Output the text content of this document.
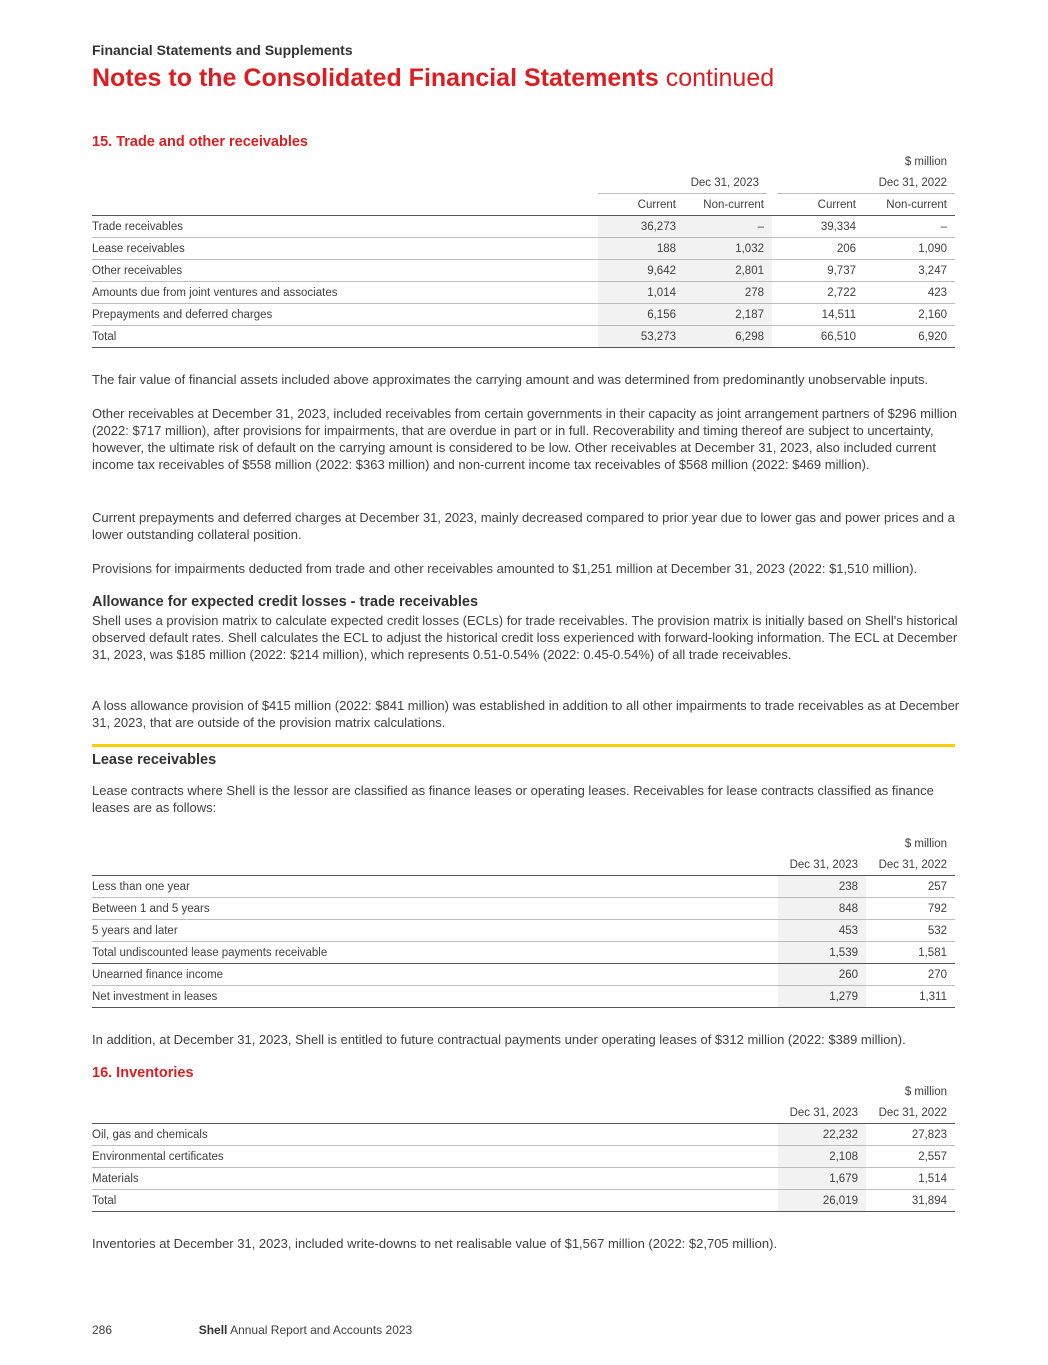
Financial Statements and Supplements
Notes to the Consolidated Financial Statements continued
15. Trade and other receivables
$ million				
	Dec 31, 2023		Dec 31, 2022	
	Current	Non-current	Current	Non-current
Trade receivables	36,273	–	39,334	–
Lease receivables	188	1,032	206	1,090
Other receivables	9,642	2,801	9,737	3,247
Amounts due from joint ventures and associates	1,014	278	2,722	423
Prepayments and deferred charges	6,156	2,187	14,511	2,160
Total	53,273	6,298	66,510	6,920
The fair value of financial assets included above approximates the carrying amount and was determined from predominantly unobservable inputs.
Other receivables at December 31, 2023, included receivables from certain governments in their capacity as joint arrangement partners of $296 million (2022: $717 million), after provisions for impairments, that are overdue in part or in full. Recoverability and timing thereof are subject to uncertainty, however, the ultimate risk of default on the carrying amount is considered to be low. Other receivables at December 31, 2023, also included current income tax receivables of $558 million (2022: $363 million) and non-current income tax receivables of $568 million (2022: $469 million).
Current prepayments and deferred charges at December 31, 2023, mainly decreased compared to prior year due to lower gas and power prices and a lower outstanding collateral position.
Provisions for impairments deducted from trade and other receivables amounted to $1,251 million at December 31, 2023 (2022: $1,510 million).
Allowance for expected credit losses - trade receivables
Shell uses a provision matrix to calculate expected credit losses (ECLs) for trade receivables. The provision matrix is initially based on Shell's historical observed default rates. Shell calculates the ECL to adjust the historical credit loss experienced with forward-looking information. The ECL at December 31, 2023, was $185 million (2022: $214 million), which represents 0.51-0.54% (2022: 0.45-0.54%) of all trade receivables.
A loss allowance provision of $415 million (2022: $841 million) was established in addition to all other impairments to trade receivables as at December 31, 2023, that are outside of the provision matrix calculations.
Lease receivables
Lease contracts where Shell is the lessor are classified as finance leases or operating leases. Receivables for lease contracts classified as finance leases are as follows:
$ million		
	Dec 31, 2023	Dec 31, 2022
Less than one year	238	257
Between 1 and 5 years	848	792
5 years and later	453	532
Total undiscounted lease payments receivable	1,539	1,581
Unearned finance income	260	270
Net investment in leases	1,279	1,311
In addition, at December 31, 2023, Shell is entitled to future contractual payments under operating leases of $312 million (2022: $389 million).
16. Inventories
$ million		
	Dec 31, 2023	Dec 31, 2022
Oil, gas and chemicals	22,232	27,823
Environmental certificates	2,108	2,557
Materials	1,679	1,514
Total	26,019	31,894
Inventories at December 31, 2023, included write-downs to net realisable value of $1,567 million (2022: $2,705 million).
286	Shell Annual Report and Accounts 2023
